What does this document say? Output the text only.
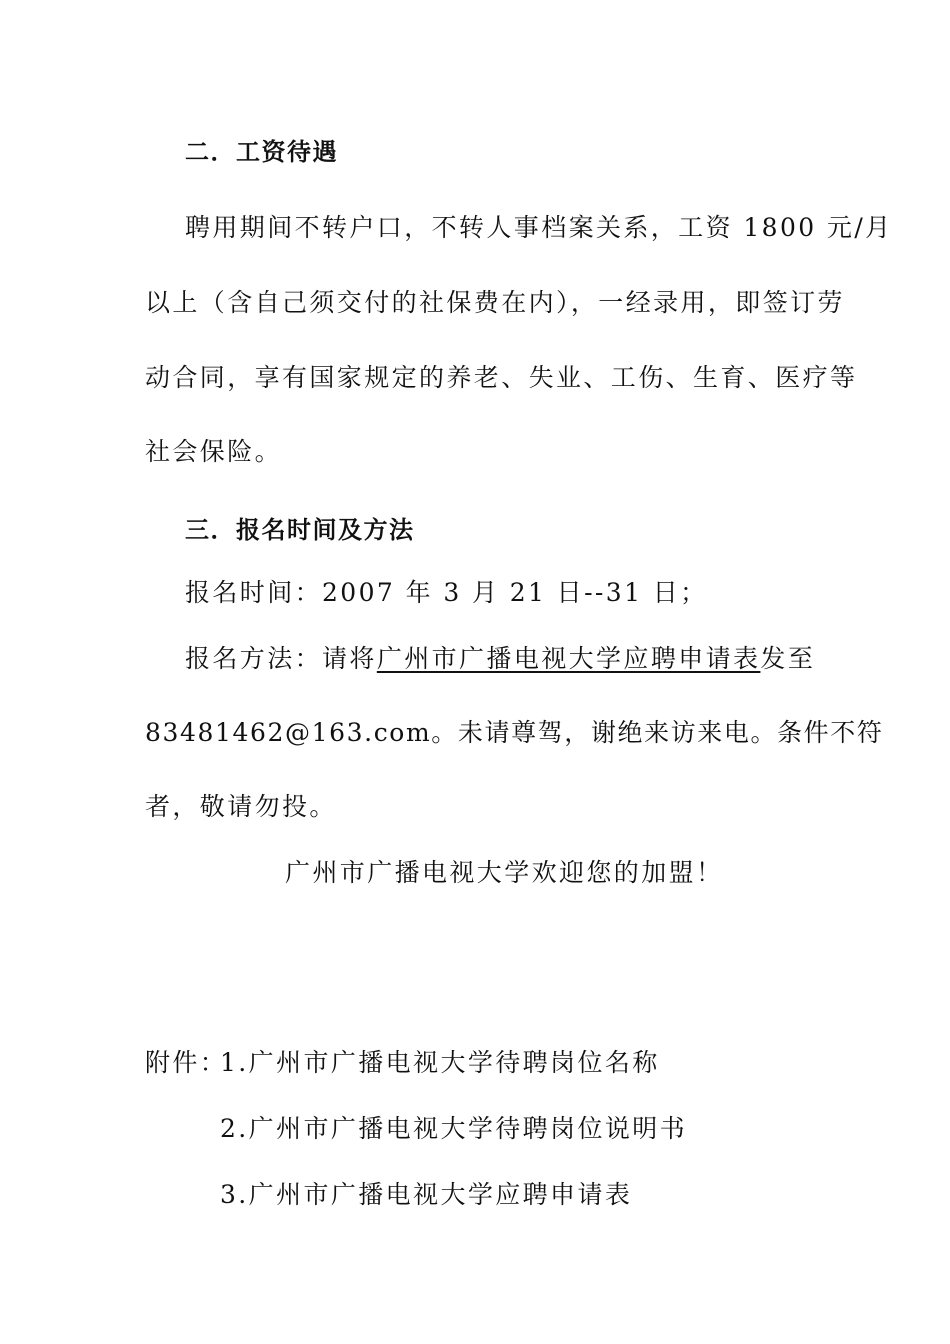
二．工资待遇
聘用期间不转户口，不转人事档案关系，工资 1800 元/月
以上（含自己须交付的社保费在内），一经录用，即签订劳
动合同，享有国家规定的养老、失业、工伤、生育、医疗等
社会保险。
三．报名时间及方法
报名时间：2007 年 3 月 21 日--31 日；
报名方法：请将广州市广播电视大学应聘申请表发至
83481462@163.com。未请尊驾，谢绝来访来电。条件不符
者，敬请勿投。
广州市广播电视大学欢迎您的加盟！
附件：
1.广州市广播电视大学待聘岗位名称
2.广州市广播电视大学待聘岗位说明书
3.广州市广播电视大学应聘申请表
